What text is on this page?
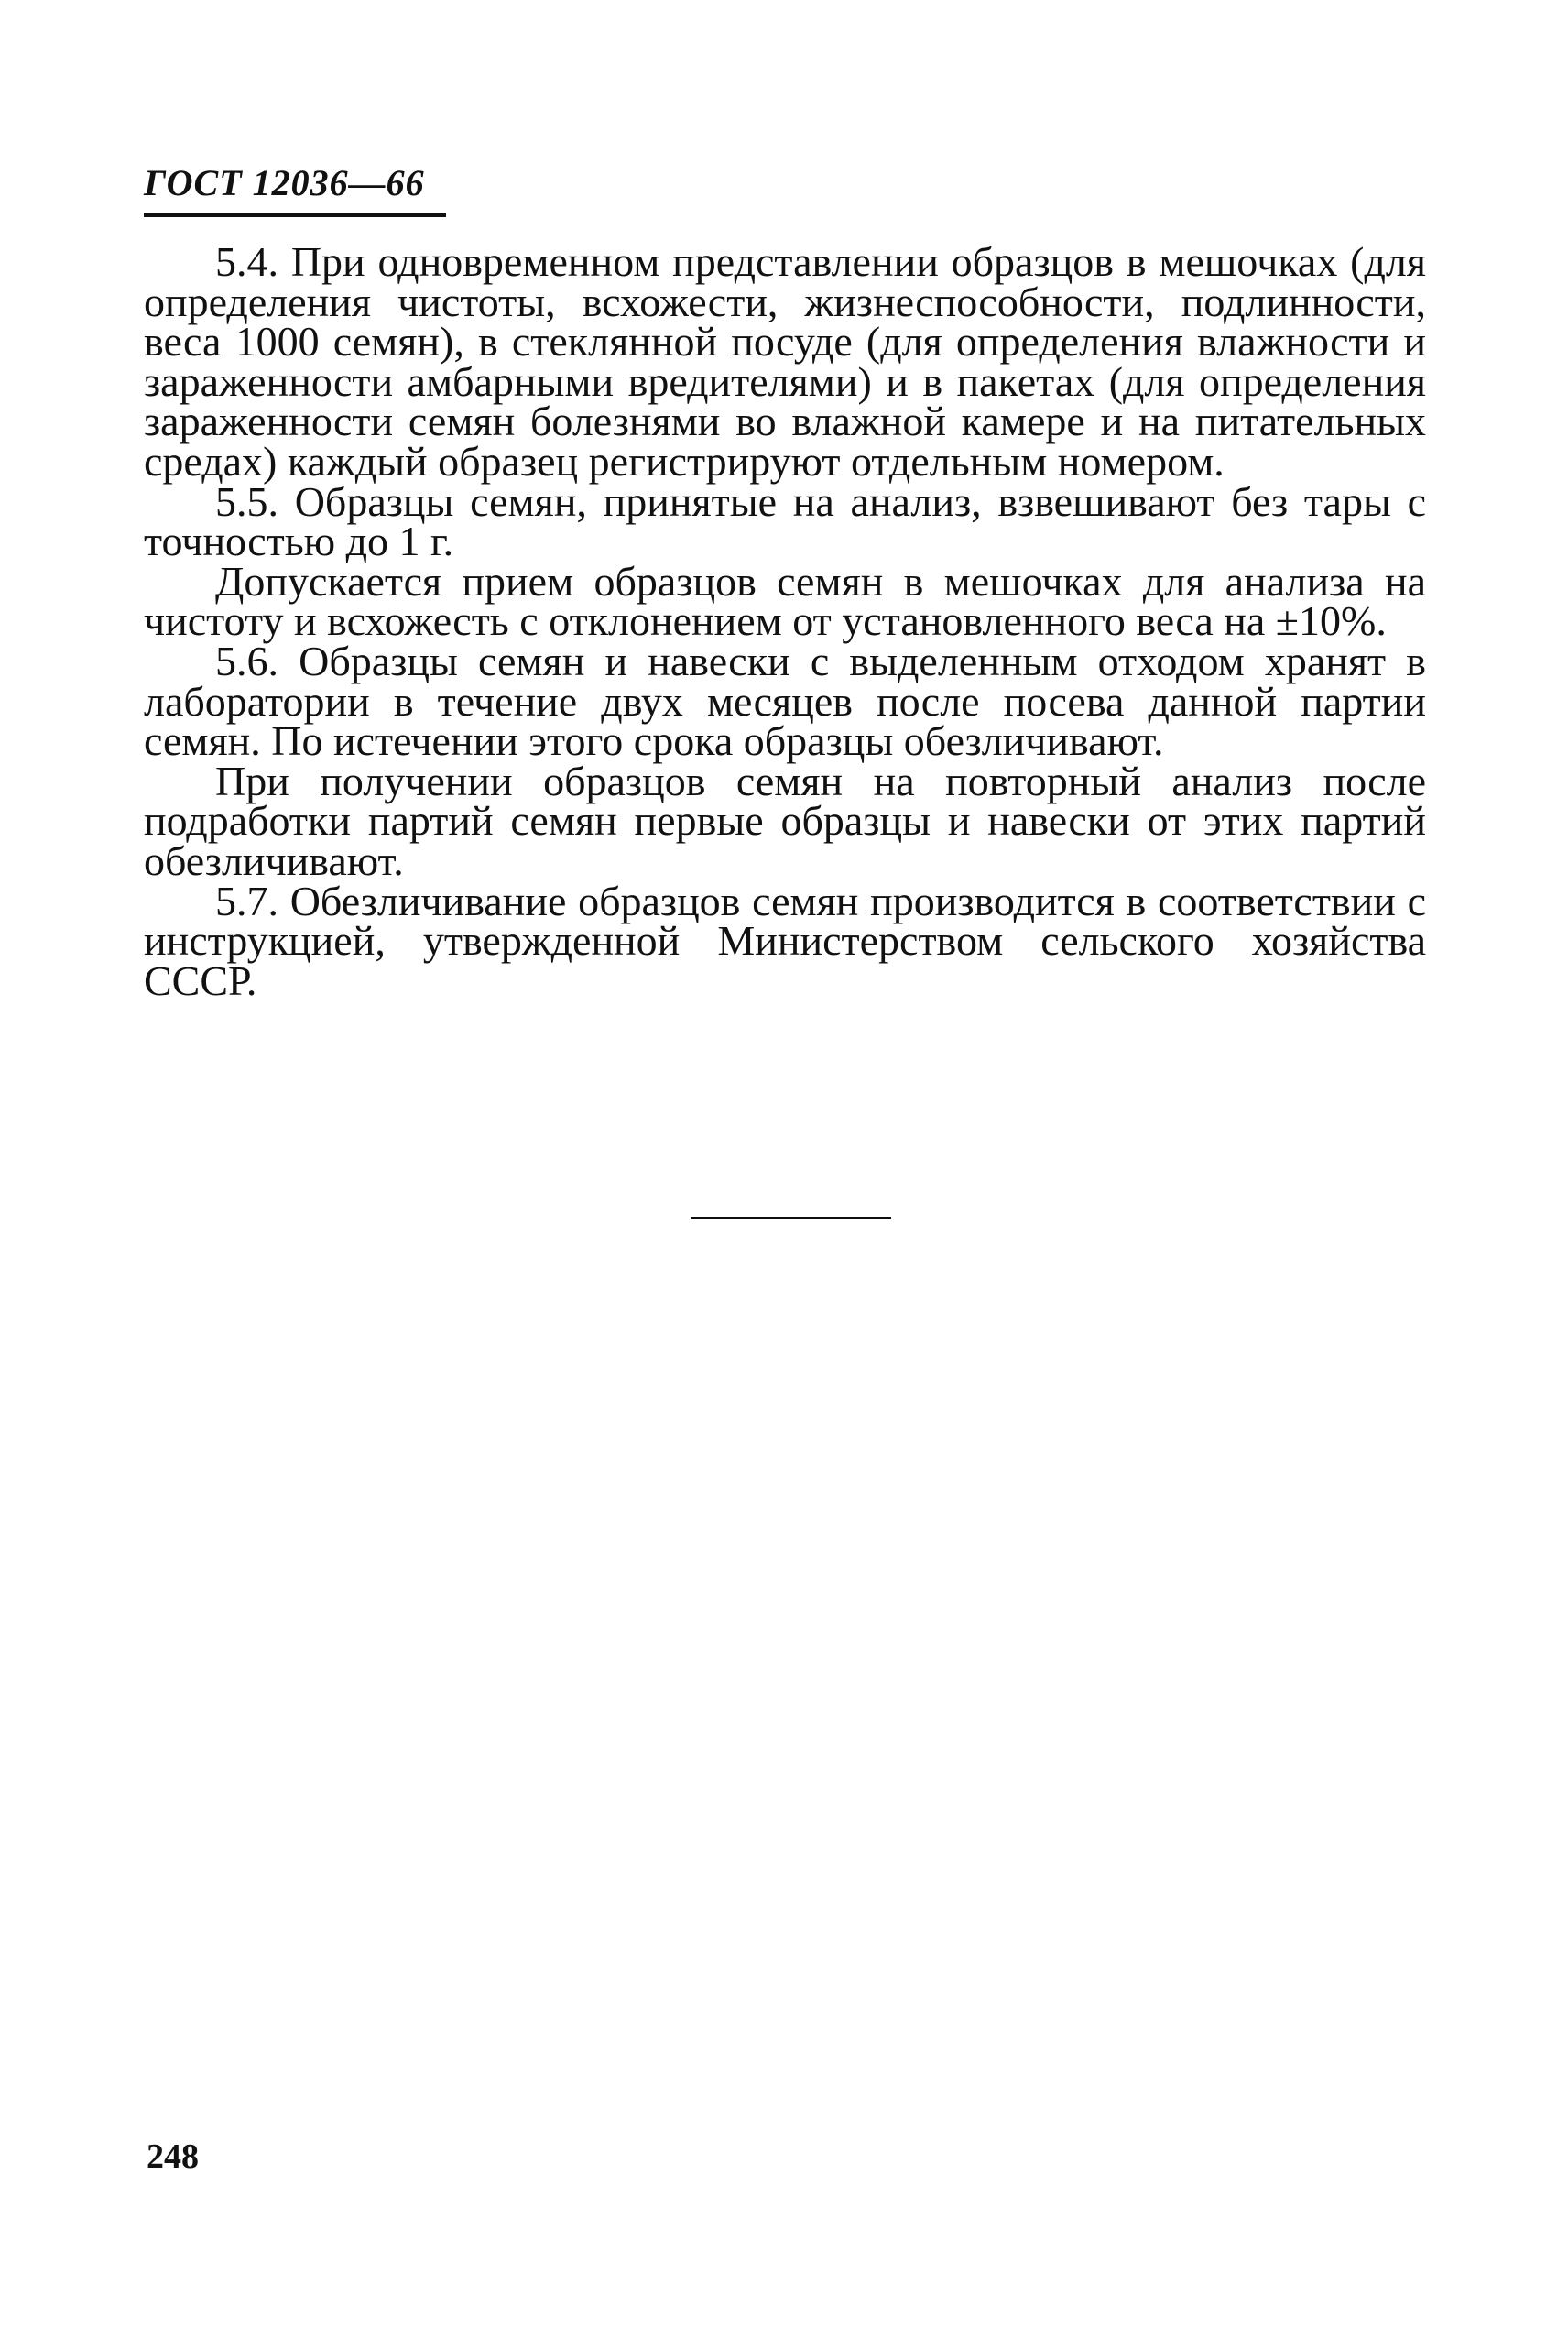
ГОСТ 12036—66

5.4. При одновременном представлении образцов в мешочках (для определения чистоты, всхожести, жизнеспособности, подлинности, веса 1000 семян), в стеклянной посуде (для определения влажности и зараженности амбарными вредителями) и в пакетах (для определения зараженности семян болезнями во влажной камере и на питательных средах) каждый образец регистрируют отдельным номером.

5.5. Образцы семян, принятые на анализ, взвешивают без тары с точностью до 1 г.

Допускается прием образцов семян в мешочках для анализа на чистоту и всхожесть с отклонением от установленного веса на ±10%.

5.6. Образцы семян и навески с выделенным отходом хранят в лаборатории в течение двух месяцев после посева данной партии семян. По истечении этого срока образцы обезличивают.

При получении образцов семян на повторный анализ после подработки партий семян первые образцы и навески от этих партий обезличивают.

5.7. Обезличивание образцов семян производится в соответствии с инструкцией, утвержденной Министерством сельского хозяйства СССР.

248
